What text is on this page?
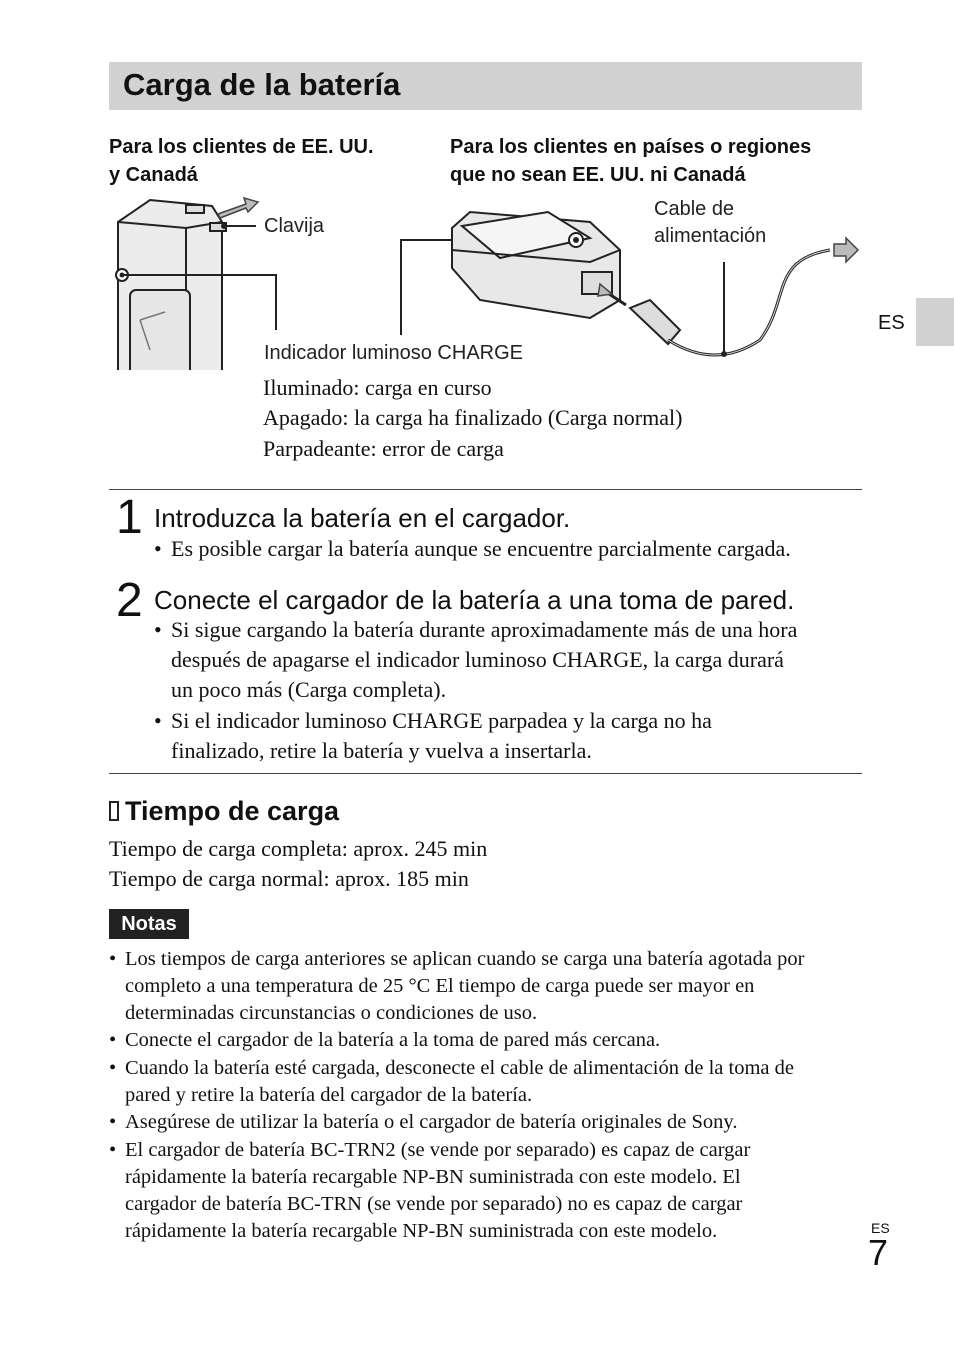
Carga de la batería
Para los clientes de EE. UU.
y Canadá
Para los clientes en países o regiones
que no sean EE. UU. ni Canadá
Clavija
Cable de
alimentación
Indicador luminoso CHARGE
Iluminado: carga en curso
Apagado: la carga ha finalizado (Carga normal)
Parpadeante: error de carga
ES
1 Introduzca la batería en el cargador.
• Es posible cargar la batería aunque se encuentre parcialmente cargada.
2 Conecte el cargador de la batería a una toma de pared.
• Si sigue cargando la batería durante aproximadamente más de una hora
después de apagarse el indicador luminoso CHARGE, la carga durará
un poco más (Carga completa).
• Si el indicador luminoso CHARGE parpadea y la carga no ha
finalizado, retire la batería y vuelva a insertarla.
Tiempo de carga
Tiempo de carga completa: aprox. 245 min
Tiempo de carga normal: aprox. 185 min
Notas
• Los tiempos de carga anteriores se aplican cuando se carga una batería agotada por
completo a una temperatura de 25 °C El tiempo de carga puede ser mayor en
determinadas circunstancias o condiciones de uso.
• Conecte el cargador de la batería a la toma de pared más cercana.
• Cuando la batería esté cargada, desconecte el cable de alimentación de la toma de
pared y retire la batería del cargador de la batería.
• Asegúrese de utilizar la batería o el cargador de batería originales de Sony.
• El cargador de batería BC-TRN2 (se vende por separado) es capaz de cargar
rápidamente la batería recargable NP-BN suministrada con este modelo. El
cargador de batería BC-TRN (se vende por separado) no es capaz de cargar
rápidamente la batería recargable NP-BN suministrada con este modelo.	ES
7
